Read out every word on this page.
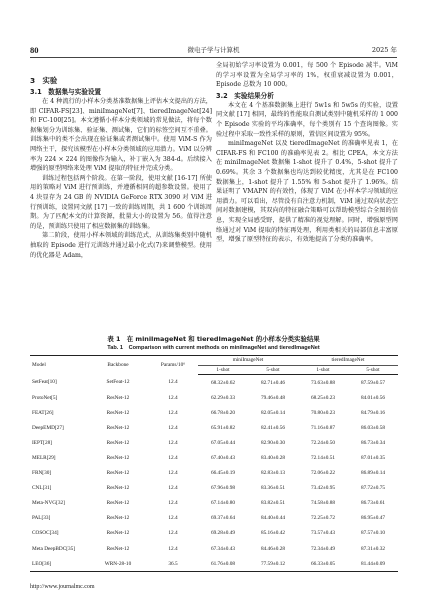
80	微电子学与计算机	2025 年
3　实验
3.1　数据集与实验设置

在 4 种流行的小样本分类基准数据集上评估本文提出的方法，即 CIFAR-FS[23]、miniImageNet[7]、tieredImageNet[24] 和 FC-100[25]。本文遵循小样本分类领域的常见做法，将每个数据集划分为训练集、验证集、测试集，它们的标签空间互不重叠。训练集中的类不会出现在验证集或者测试集中。使用 ViM-S 作为网络主干，探究该模型在小样本分类领域的应用潜力。ViM 以分辨率为 224 × 224 的图像作为输入，补丁嵌入为 384-d。后续接入增强的原型网络来处理 ViM 提取的特征并完成分类。

训练过程包括两个阶段。在第一阶段，使用文献 [16-17] 所使用的策略对 ViM 进行预训练，并遵循相同的超参数设置。使用了 4 块显存为 24 GB 的 NVIDIA GeForce RTX 3090 对 ViM 进行预训练，设置同文献 [17] 一致的训练周期，共 1 600 个训练周期。为了匹配本文的计算资源，批量大小的设置为 56。值得注意的是，预训练只使用了相应数据集的训练集。

第二阶段，使用小样本领域的训练范式，从训练集类别中随机抽取的 Episode 进行元训练并通过最小化式(7)来调整模型。使用的优化器是 Adam，

全局初始学习率设置为 0.001，每 500 个 Episode 减半。ViM 的学习率设置为全局学习率的 1%，权重衰减设置为 0.001，Episode 总数为 10 000。

3.2　实验结果分析

本文在 4 个基准数据集上进行 5w1s 和 5w5s 的实验，设置同文献 [17] 相同，最终的性能取自测试类别中随机采样的 1 000 个 Episode 实验的平均准确率，每个类别有 15 个查询图像。实验过程中采取一致性采样的原则，置信区间设置为 95%。

miniImageNet 以及 tieredImageNet 的准确率见表 1，在 CIFAR-FS 和 FC100 的准确率见表 2。相比 CPEA，本文方法在 miniImageNet 数据集 1-shot 提升了 0.4%，5-shot 提升了 0.69%。其余 3 个数据集也均达到较优精度，尤其是在 FC100 数据集上，1-shot 提升了 1.55% 和 5-shot 提升了 1.96%。结果证明了 VMAPN 的有效性，体现了 ViM 在小样本学习领域的应用潜力。可以看出，尽管没有自注意力机制，ViM 通过双向状态空间对数据建模，其双向的特征融合策略可以帮助模型综合全图的信息，实现全局感受野，提供了精准的视觉理解。同时，增强原型网络通过对 ViM 提取的特征再处理，利用类相关的局部信息丰富原型，增强了原型特征的表示，有效地提高了分类的准确率。

表 1　在 miniImageNet 和 tieredImageNet 的小样本分类实验结果
Tab. 1　Comparison with current methods on miniImageNet and tieredImageNet
Model	Backbone	Params/10⁶	miniImageNet		tieredImageNet	
			1-shot	5-shot	1-shot	5-shot
SetFeat[10]	SetFeat-12	12.4	68.32±0.62	82.71±0.46	73.63±0.88	87.59±0.57
ProtoNet[5]	ResNet-12	12.4	62.29±0.33	79.46±0.48	68.25±0.23	84.01±0.56
FEAT[26]	ResNet-12	12.4	66.78±0.20	82.05±0.14	70.80±0.23	84.79±0.16
DeepEMD[27]	ResNet-12	12.4	65.91±0.82	82.41±0.56	71.16±0.87	86.03±0.58
IEPT[28]	ResNet-12	12.4	67.05±0.44	82.90±0.30	72.24±0.50	86.73±0.34
MELR[29]	ResNet-12	12.4	67.40±0.43	83.40±0.28	72.14±0.51	87.01±0.35
FRN[30]	ResNet-12	12.4	66.45±0.19	82.83±0.13	72.06±0.22	86.89±0.14
CNL[31]	ResNet-12	12.4	67.96±0.98	83.36±0.51	73.42±0.95	87.72±0.75
Meta-NVG[32]	ResNet-12	12.4	67.14±0.80	83.82±0.51	74.58±0.88	86.73±0.61
PAL[33]	ResNet-12	12.4	69.37±0.64	84.40±0.44	72.25±0.72	86.95±0.47
COSOC[34]	ResNet-12	12.4	69.28±0.49	85.16±0.42	73.57±0.43	87.57±0.10
Meta DeepBDC[35]	ResNet-12	12.4	67.34±0.43	84.46±0.28	72.34±0.49	87.31±0.32
LEO[36]	WRN-28-10	36.5	61.76±0.08	77.59±0.12	66.33±0.05	81.44±0.09
http://www.journalmc.com
